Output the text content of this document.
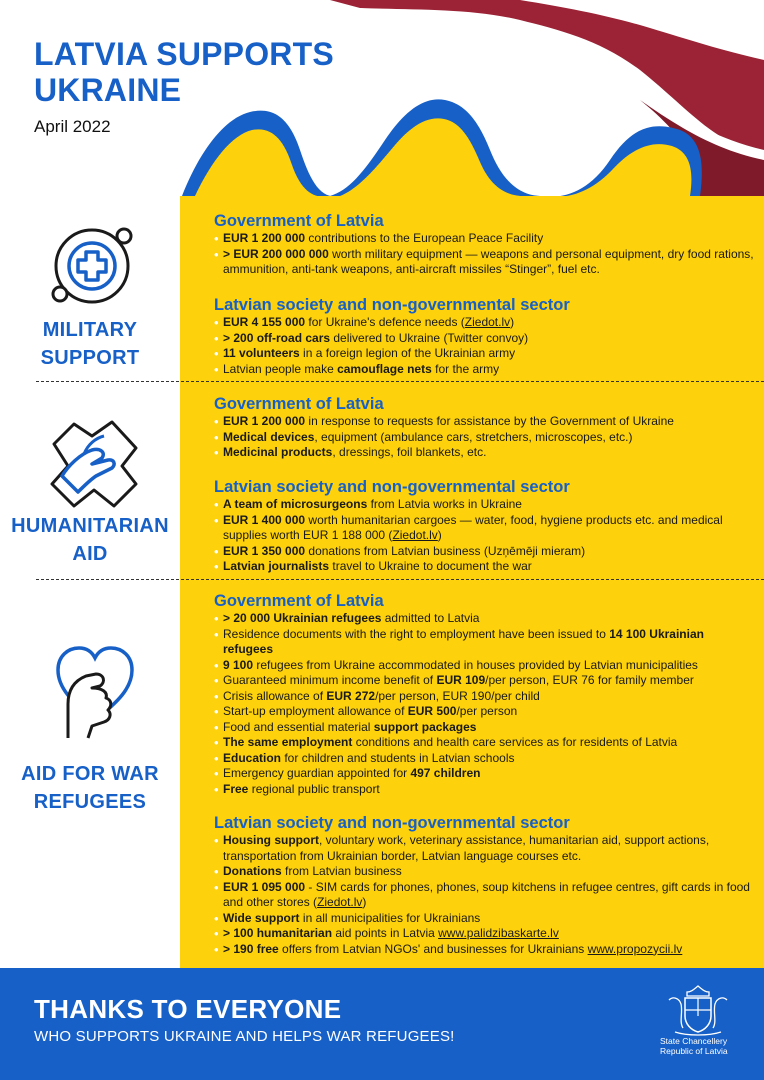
LATVIA SUPPORTS UKRAINE
April 2022
MILITARY SUPPORT
HUMANITARIAN AID
AID FOR WAR REFUGEES
Government of Latvia
• EUR 1 200 000 contributions to the European Peace Facility
• > EUR 200 000 000 worth military equipment — weapons and personal equipment, dry food rations, ammunition, anti-tank weapons, anti-aircraft missiles “Stinger”, fuel etc.
Latvian society and non-governmental sector
• EUR 4 155 000 for Ukraine's defence needs (Ziedot.lv)
• > 200 off-road cars delivered to Ukraine (Twitter convoy)
• 11 volunteers in a foreign legion of the Ukrainian army
• Latvian people make camouflage nets for the army
Government of Latvia
• EUR 1 200 000 in response to requests for assistance by the Government of Ukraine
• Medical devices, equipment (ambulance cars, stretchers, microscopes, etc.)
• Medicinal products, dressings, foil blankets, etc.
Latvian society and non-governmental sector
• A team of microsurgeons from Latvia works in Ukraine
• EUR 1 400 000 worth humanitarian cargoes — water, food, hygiene products etc. and medical supplies worth EUR 1 188 000 (Ziedot.lv)
• EUR 1 350 000 donations from Latvian business (Uzņēmēji mieram)
• Latvian journalists travel to Ukraine to document the war
Government of Latvia
• > 20 000 Ukrainian refugees admitted to Latvia
• Residence documents with the right to employment have been issued to 14 100 Ukrainian refugees
• 9 100 refugees from Ukraine accommodated in houses provided by Latvian municipalities
• Guaranteed minimum income benefit of EUR 109/per person, EUR 76 for family member
• Crisis allowance of EUR 272/per person, EUR 190/per child
• Start-up employment allowance of EUR 500/per person
• Food and essential material support packages
• The same employment conditions and health care services as for residents of Latvia
• Education for children and students in Latvian schools
• Emergency guardian appointed for 497 children
• Free regional public transport
Latvian society and non-governmental sector
• Housing support, voluntary work, veterinary assistance, humanitarian aid, support actions, transportation from Ukrainian border, Latvian language courses etc.
• Donations from Latvian business
• EUR 1 095 000 - SIM cards for phones, phones, soup kitchens in refugee centres, gift cards in food and other stores (Ziedot.lv)
• Wide support in all municipalities for Ukrainians
• > 100 humanitarian aid points in Latvia www.palidzibaskarte.lv
• > 190 free offers from Latvian NGOs' and businesses for Ukrainians www.propozycii.lv
THANKS TO EVERYONE
WHO SUPPORTS UKRAINE AND HELPS WAR REFUGEES!	State Chancellery
Republic of Latvia
